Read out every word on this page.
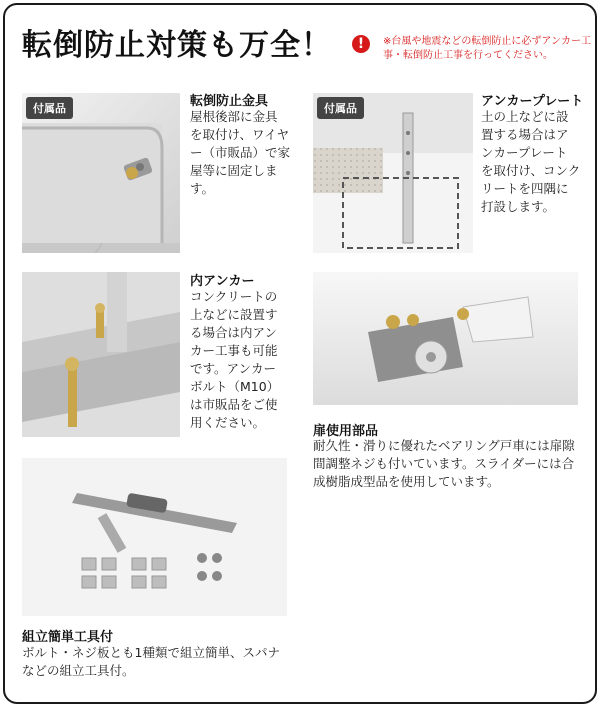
転倒防止対策も万全！	!	※台風や地震などの転倒防止に必ずアンカー工事・転倒防止工事を行ってください。
付属品	転倒防止金具
屋根後部に金具
を取付け、ワイヤ
ー（市販品）で家
屋等に固定しま
す。
付属品	アンカープレート
土の上などに設
置する場合はア
ンカープレート
を取付け、コンク
リートを四隅に
打設します。
内アンカー
コンクリートの
上などに設置す
る場合は内アン
カー工事も可能
です。アンカー
ボルト（M10）
は市販品をご使
用ください。
扉使用部品
耐久性・滑りに優れたベアリング戸車には扉隙
間調整ネジも付いています。スライダーには合
成樹脂成型品を使用しています。
組立簡単工具付
ボルト・ネジ板とも1種類で組立簡単、スパナ
などの組立工具付。
